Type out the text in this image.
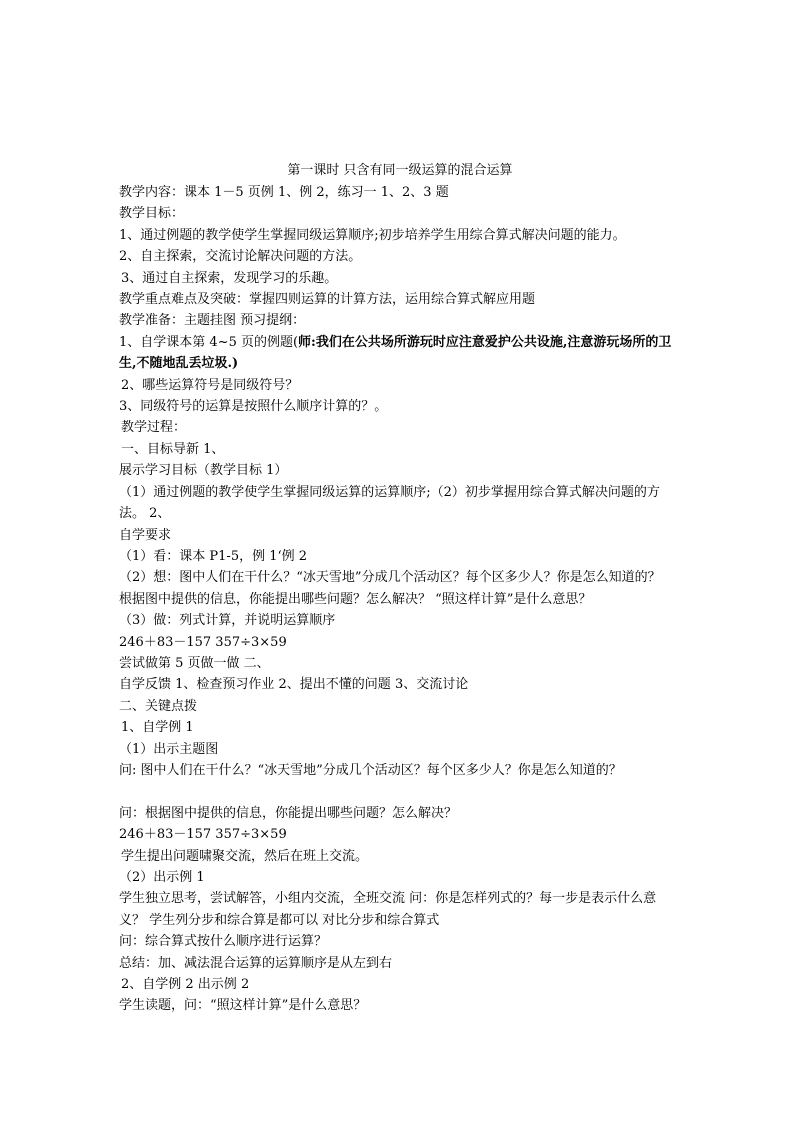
第一课时 只含有同一级运算的混合运算

教学内容：课本 1－5 页例 1、例 2，练习一 1、2、3 题

教学目标：

1、通过例题的教学使学生掌握同级运算顺序;初步培养学生用综合算式解决问题的能力。

2、自主探索，交流讨论解决问题的方法。

3、通过自主探索，发现学习的乐趣。

教学重点难点及突破：掌握四则运算的计算方法，运用综合算式解应用题

教学准备：主题挂图 预习提纲：

1、自学课本第 4~5 页的例题(师:我们在公共场所游玩时应注意爱护公共设施,注意游玩场所的卫生,不随地乱丢垃圾.)

2、哪些运算符号是同级符号？

3、同级符号的运算是按照什么顺序计算的？。

教学过程：

一、目标导新 1、

展示学习目标（教学目标 1）

（1）通过例题的教学使学生掌握同级运算的运算顺序;（2）初步掌握用综合算式解决问题的方法。 2、

自学要求

（1）看：课本 P1-5，例 1‘例 2

（2）想：图中人们在干什么？“冰天雪地”分成几个活动区？每个区多少人？你是怎么知道的？

根据图中提供的信息，你能提出哪些问题？怎么解决？ “照这样计算”是什么意思？

（3）做：列式计算，并说明运算顺序

246＋83－157 357÷3×59

尝试做第 5 页做一做 二、

自学反馈 1、检查预习作业 2、提出不懂的问题 3、交流讨论

二、关键点拨

1、自学例 1

（1）出示主题图

问: 图中人们在干什么？“冰天雪地”分成几个活动区？每个区多少人？你是怎么知道的？

问：根据图中提供的信息，你能提出哪些问题？怎么解决？

246＋83－157 357÷3×59

学生提出问题啸聚交流，然后在班上交流。

（2）出示例 1

学生独立思考，尝试解答，小组内交流，全班交流 问：你是怎样列式的？每一步是表示什么意义？ 学生列分步和综合算是都可以 对比分步和综合算式

问：综合算式按什么顺序进行运算？

总结：加、减法混合运算的运算顺序是从左到右

2、自学例 2 出示例 2

学生读题，问：“照这样计算”是什么意思？
